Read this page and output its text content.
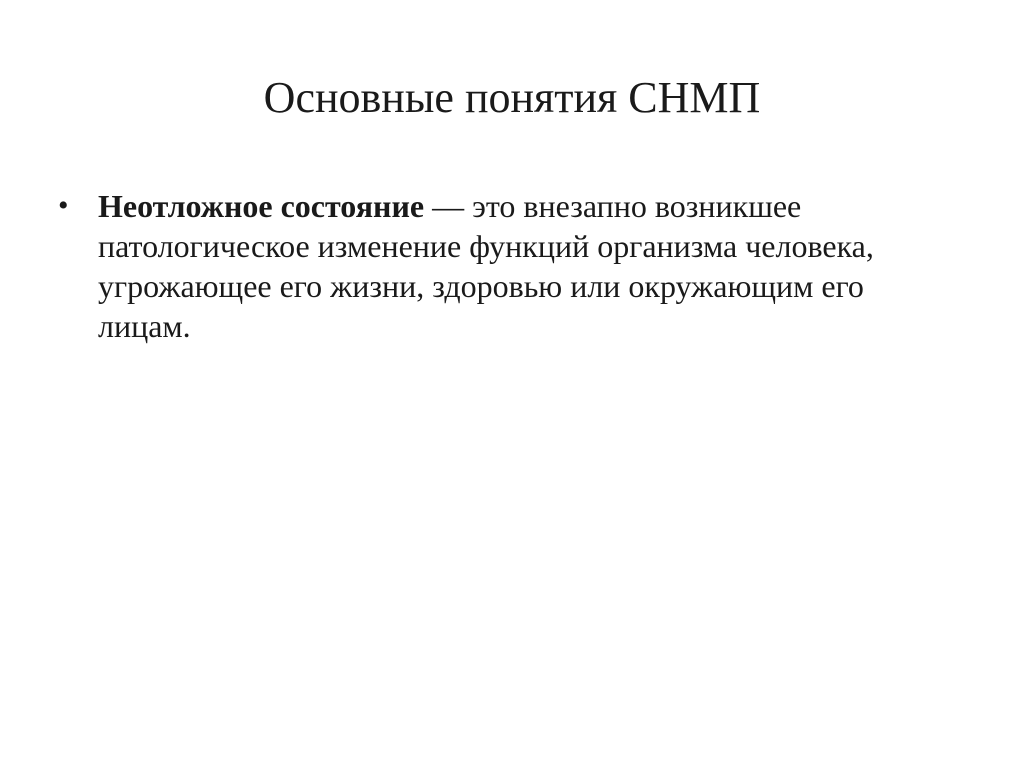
Основные понятия СНМП
• Неотложное состояние — это внезапно возникшее патологическое изменение функций организма человека, угрожающее его жизни, здоровью или окружающим его лицам.
